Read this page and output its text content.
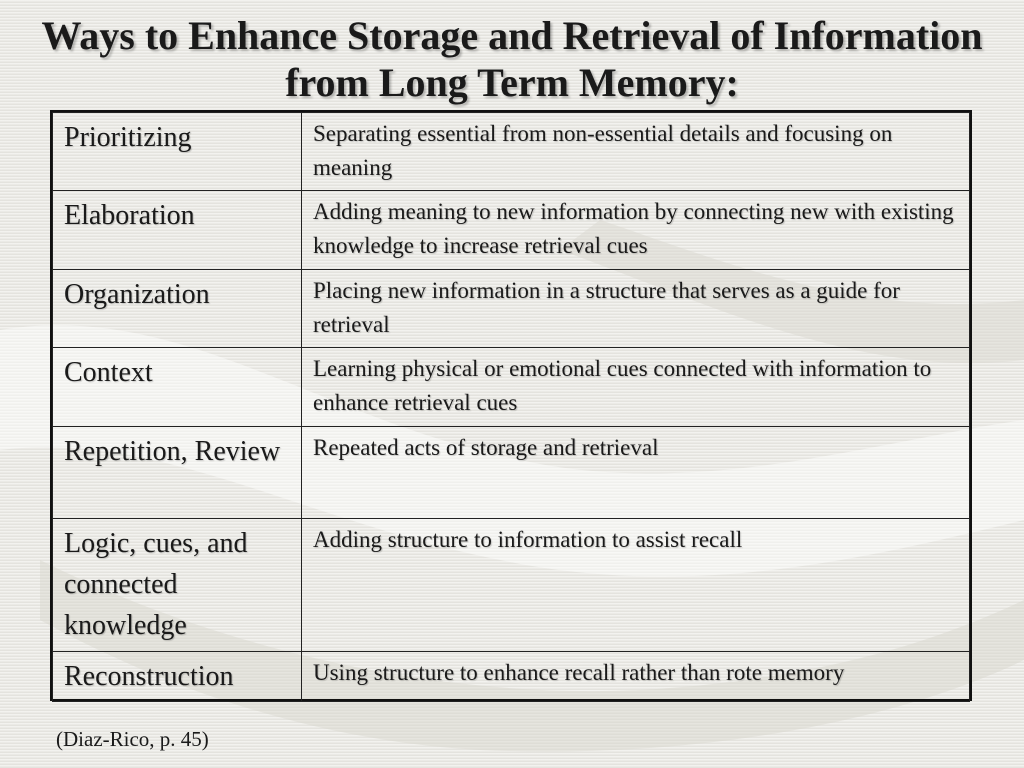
Ways to Enhance Storage and Retrieval of Information from Long Term Memory:
Prioritizing	Separating essential from non-essential details and focusing on meaning
Elaboration	Adding meaning to new information by connecting new with existing knowledge to increase retrieval cues
Organization	Placing new information in a structure that serves as a guide for retrieval
Context	Learning physical or emotional cues connected with information to enhance retrieval cues
Repetition, Review	Repeated acts of storage and retrieval
Logic, cues, and connected knowledge	Adding structure to information to assist recall
Reconstruction	Using structure to enhance recall rather than rote memory

(Diaz-Rico, p. 45)
